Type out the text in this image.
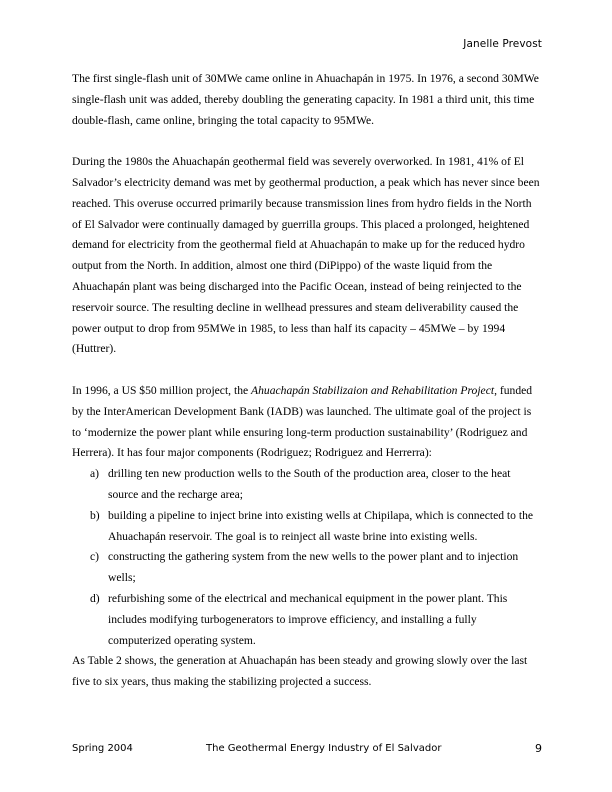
Janelle Prevost

The first single-flash unit of 30MWe came online in Ahuachapán in 1975. In 1976, a second 30MWe single-flash unit was added, thereby doubling the generating capacity. In 1981 a third unit, this time double-flash, came online, bringing the total capacity to 95MWe.

During the 1980s the Ahuachapán geothermal field was severely overworked. In 1981, 41% of El Salvador’s electricity demand was met by geothermal production, a peak which has never since been reached. This overuse occurred primarily because transmission lines from hydro fields in the North of El Salvador were continually damaged by guerrilla groups. This placed a prolonged, heightened demand for electricity from the geothermal field at Ahuachapán to make up for the reduced hydro output from the North. In addition, almost one third (DiPippo) of the waste liquid from the Ahuachapán plant was being discharged into the Pacific Ocean, instead of being reinjected to the reservoir source. The resulting decline in wellhead pressures and steam deliverability caused the power output to drop from 95MWe in 1985, to less than half its capacity – 45MWe – by 1994 (Huttrer).

In 1996, a US $50 million project, the Ahuachapán Stabilizaion and Rehabilitation Project, funded by the InterAmerican Development Bank (IADB) was launched. The ultimate goal of the project is to ‘modernize the power plant while ensuring long-term production sustainability’ (Rodriguez and Herrera). It has four major components (Rodriguez; Rodriguez and Herrerra):

a) drilling ten new production wells to the South of the production area, closer to the heat source and the recharge area;
b) building a pipeline to inject brine into existing wells at Chipilapa, which is connected to the Ahuachapán reservoir. The goal is to reinject all waste brine into existing wells.
c) constructing the gathering system from the new wells to the power plant and to injection wells;
d) refurbishing some of the electrical and mechanical equipment in the power plant. This includes modifying turbogenerators to improve efficiency, and installing a fully computerized operating system.

As Table 2 shows, the generation at Ahuachapán has been steady and growing slowly over the last five to six years, thus making the stabilizing projected a success.

Spring 2004	The Geothermal Energy Industry of El Salvador	9
